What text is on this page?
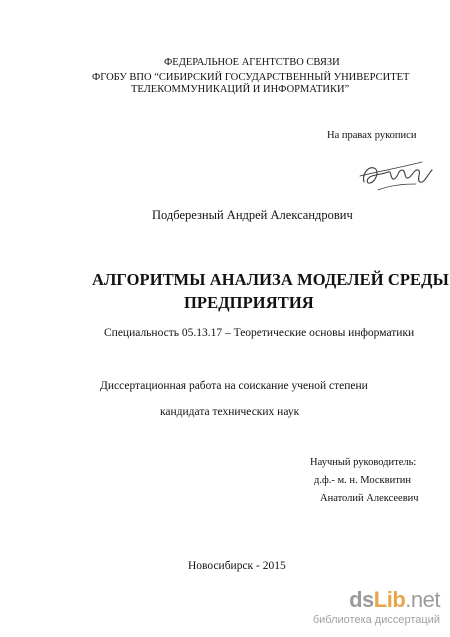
ФЕДЕРАЛЬНОЕ АГЕНТСТВО СВЯЗИ
ФГОБУ ВПО “СИБИРСКИЙ ГОСУДАРСТВЕННЫЙ УНИВЕРСИТЕТ
ТЕЛЕКОММУНИКАЦИЙ И ИНФОРМАТИКИ”
На правах рукописи
Подберезный Андрей Александрович
АЛГОРИТМЫ АНАЛИЗА МОДЕЛЕЙ СРЕДЫ
ПРЕДПРИЯТИЯ
Специальность 05.13.17 – Теоретические основы информатики
Диссертационная работа на соискание ученой степени
кандидата технических наук
Научный руководитель:
д.ф.- м. н. Москвитин
Анатолий Алексеевич
Новосибирск - 2015
dsLib.net
библиотека диссертаций
